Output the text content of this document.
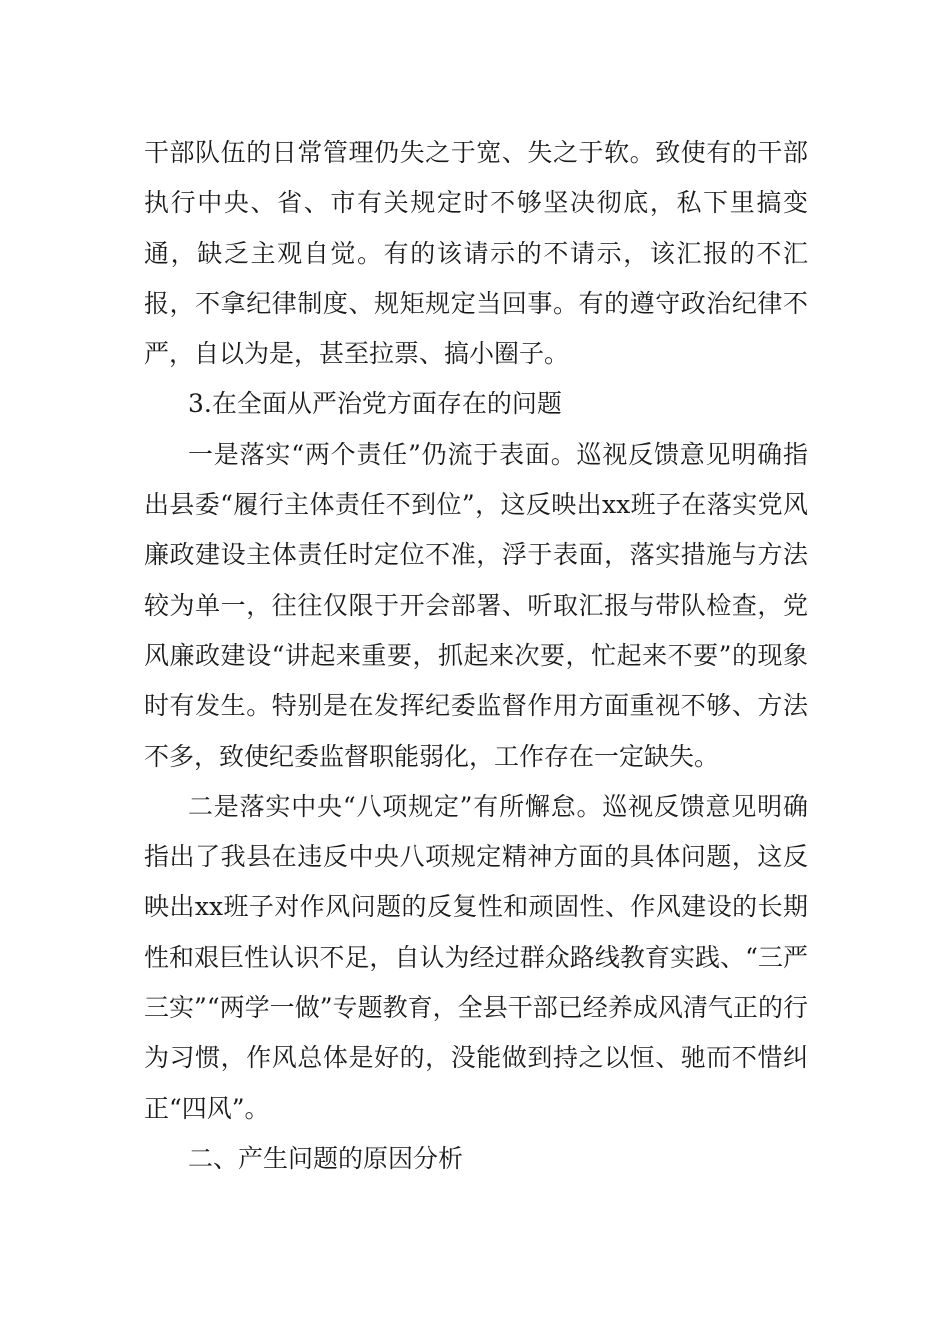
干部队伍的日常管理仍失之于宽、失之于软。致使有的干部执行中央、省、市有关规定时不够坚决彻底，私下里搞变通，缺乏主观自觉。有的该请示的不请示，该汇报的不汇报，不拿纪律制度、规矩规定当回事。有的遵守政治纪律不严，自以为是，甚至拉票、搞小圈子。

3.在全面从严治党方面存在的问题

一是落实“两个责任”仍流于表面。巡视反馈意见明确指出县委“履行主体责任不到位”，这反映出xx班子在落实党风廉政建设主体责任时定位不准，浮于表面，落实措施与方法较为单一，往往仅限于开会部署、听取汇报与带队检查，党风廉政建设“讲起来重要，抓起来次要，忙起来不要”的现象时有发生。特别是在发挥纪委监督作用方面重视不够、方法不多，致使纪委监督职能弱化，工作存在一定缺失。

二是落实中央“八项规定”有所懈怠。巡视反馈意见明确指出了我县在违反中央八项规定精神方面的具体问题，这反映出xx班子对作风问题的反复性和顽固性、作风建设的长期性和艰巨性认识不足，自认为经过群众路线教育实践、“三严三实”“两学一做”专题教育，全县干部已经养成风清气正的行为习惯，作风总体是好的，没能做到持之以恒、驰而不惜纠正“四风”。

二、产生问题的原因分析
